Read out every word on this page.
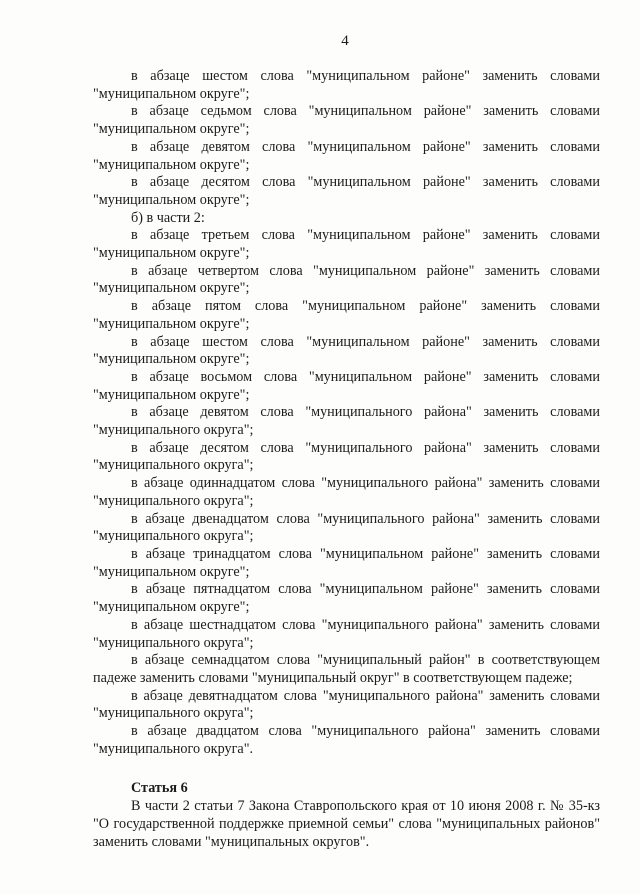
4

в абзаце шестом слова "муниципальном районе" заменить словами "муниципальном округе";

в абзаце седьмом слова "муниципальном районе" заменить словами "муниципальном округе";

в абзаце девятом слова "муниципальном районе" заменить словами "муниципальном округе";

в абзаце десятом слова "муниципальном районе" заменить словами "муниципальном округе";

б) в части 2:

в абзаце третьем слова "муниципальном районе" заменить словами "муниципальном округе";

в абзаце четвертом слова "муниципальном районе" заменить словами "муниципальном округе";

в абзаце пятом слова "муниципальном районе" заменить словами "муниципальном округе";

в абзаце шестом слова "муниципальном районе" заменить словами "муниципальном округе";

в абзаце восьмом слова "муниципальном районе" заменить словами "муниципальном округе";

в абзаце девятом слова "муниципального района" заменить словами "муниципального округа";

в абзаце десятом слова "муниципального района" заменить словами "муниципального округа";

в абзаце одиннадцатом слова "муниципального района" заменить словами "муниципального округа";

в абзаце двенадцатом слова "муниципального района" заменить словами "муниципального округа";

в абзаце тринадцатом слова "муниципальном районе" заменить словами "муниципальном округе";

в абзаце пятнадцатом слова "муниципальном районе" заменить словами "муниципальном округе";

в абзаце шестнадцатом слова "муниципального района" заменить словами "муниципального округа";

в абзаце семнадцатом слова "муниципальный район" в соответствующем падеже заменить словами "муниципальный округ" в соответствующем падеже;

в абзаце девятнадцатом слова "муниципального района" заменить словами "муниципального округа";

в абзаце двадцатом слова "муниципального района" заменить словами "муниципального округа".

Статья 6

В части 2 статьи 7 Закона Ставропольского края от 10 июня 2008 г. № 35-кз "О государственной поддержке приемной семьи" слова "муниципальных районов" заменить словами "муниципальных округов".
